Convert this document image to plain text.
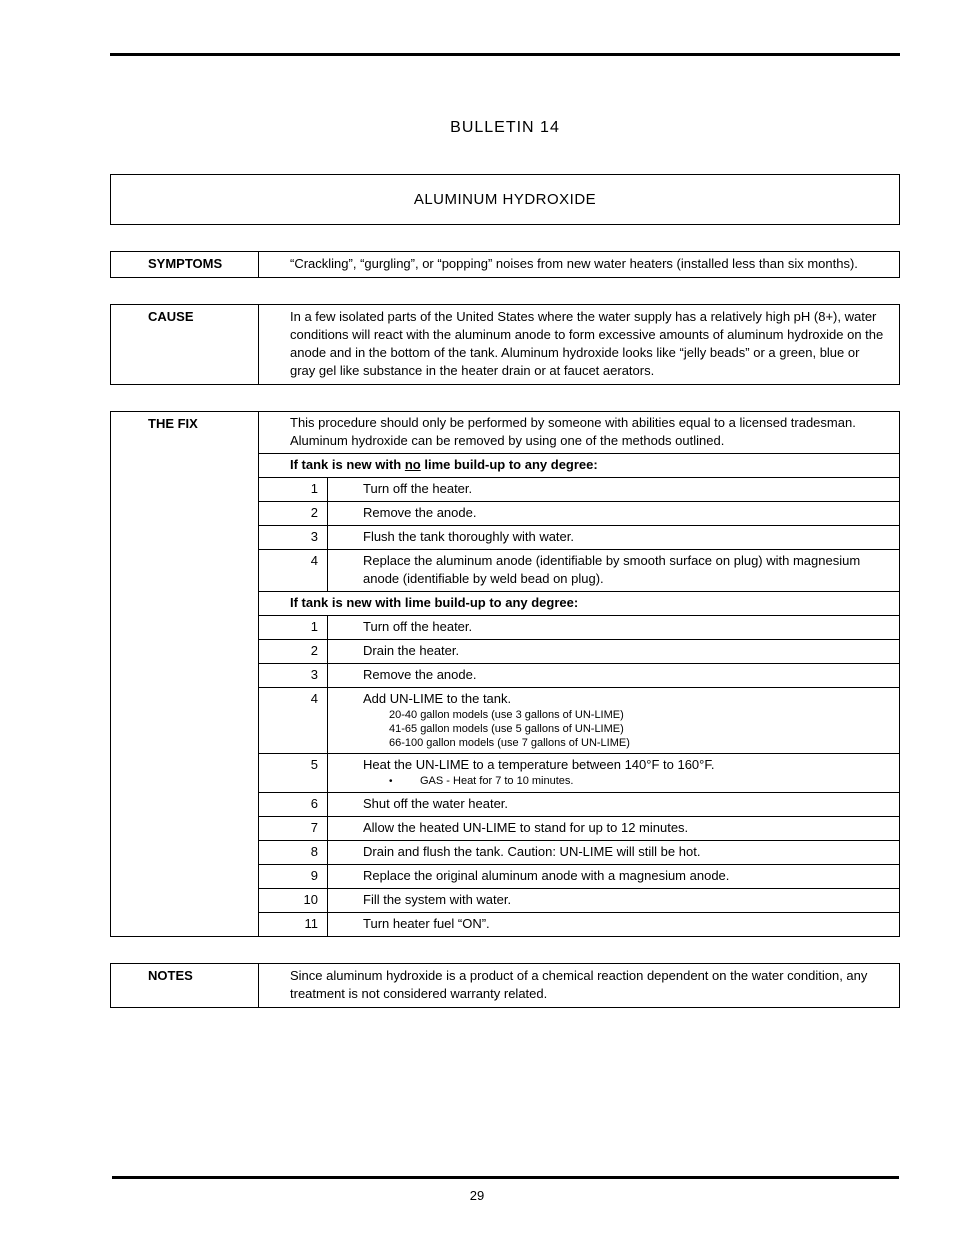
BULLETIN 14
ALUMINUM HYDROXIDE
SYMPTOMS	“Crackling”, “gurgling”, or “popping” noises from new water heaters (installed less than six months).
CAUSE	In a few isolated parts of the United States where the water supply has a relatively high pH (8+), water conditions will react with the aluminum anode to form excessive amounts of aluminum hydroxide on the anode and in the bottom of the tank. Aluminum hydroxide looks like “jelly beads” or a green, blue or gray gel like substance in the heater drain or at faucet aerators.
THE FIX	This procedure should only be performed by someone with abilities equal to a licensed tradesman. Aluminum hydroxide can be removed by using one of the methods outlined.
If tank is new with no lime build-up to any degree:
1	Turn off the heater.
2	Remove the anode.
3	Flush the tank thoroughly with water.
4	Replace the aluminum anode (identifiable by smooth surface on plug) with magnesium anode (identifiable by weld bead on plug).
If tank is new with lime build-up to any degree:
1	Turn off the heater.
2	Drain the heater.
3	Remove the anode.
4	Add UN-LIME to the tank.
20-40 gallon models (use 3 gallons of UN-LIME)
41-65 gallon models (use 5 gallons of UN-LIME)
66-100 gallon models (use 7 gallons of UN-LIME)
5	Heat the UN-LIME to a temperature between 140°F to 160°F.
• GAS - Heat for 7 to 10 minutes.
6	Shut off the water heater.
7	Allow the heated UN-LIME to stand for up to 12 minutes.
8	Drain and flush the tank. Caution: UN-LIME will still be hot.
9	Replace the original aluminum anode with a magnesium anode.
10	Fill the system with water.
11	Turn heater fuel “ON”.
NOTES	Since aluminum hydroxide is a product of a chemical reaction dependent on the water condition, any treatment is not considered warranty related.
29
